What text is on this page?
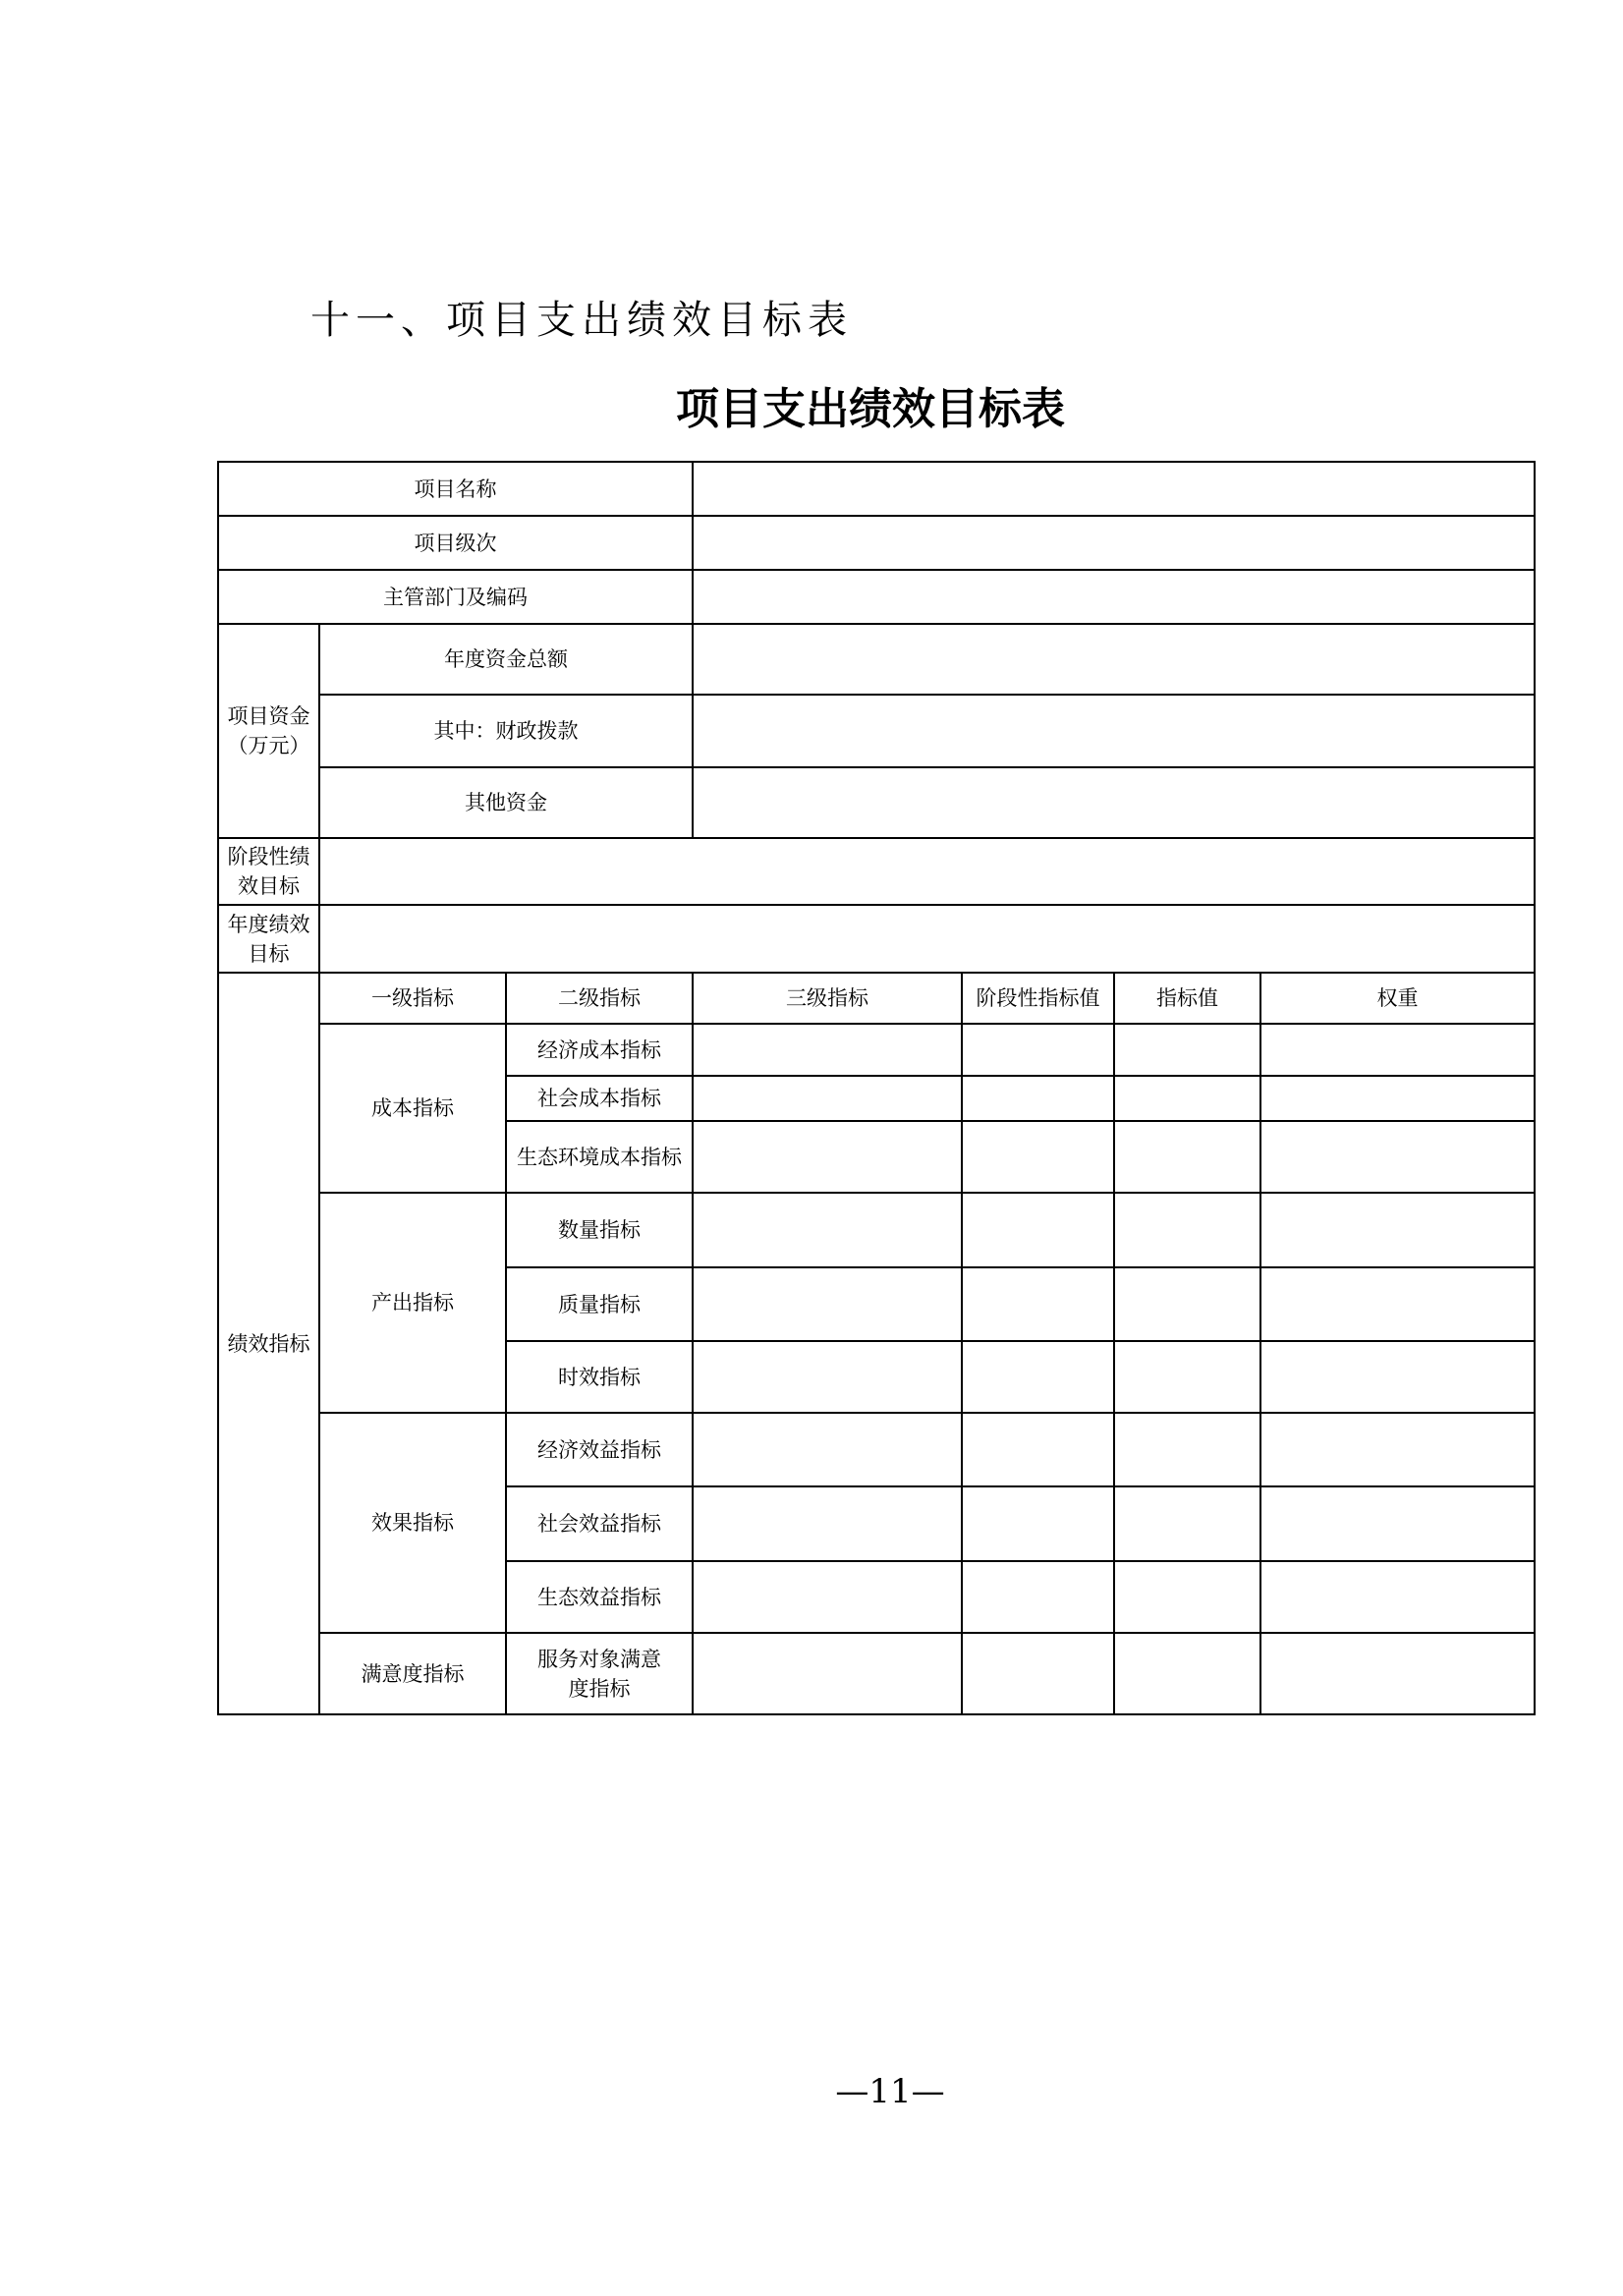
十一、项目支出绩效目标表
项目支出绩效目标表
项目名称						
项目级次						
主管部门及编码						
项目资金（万元）	年度资金总额					
	其中：财政拨款					
	其他资金					
阶段性绩效目标						
年度绩效目标						
绩效指标	一级指标	二级指标	三级指标	阶段性指标值	指标值	权重
	成本指标	经济成本指标				
		社会成本指标				
		生态环境成本指标				
	产出指标	数量指标				
		质量指标				
		时效指标				
	效果指标	经济效益指标				
		社会效益指标				
		生态效益指标				
	满意度指标	服务对象满意度指标				
—11—
